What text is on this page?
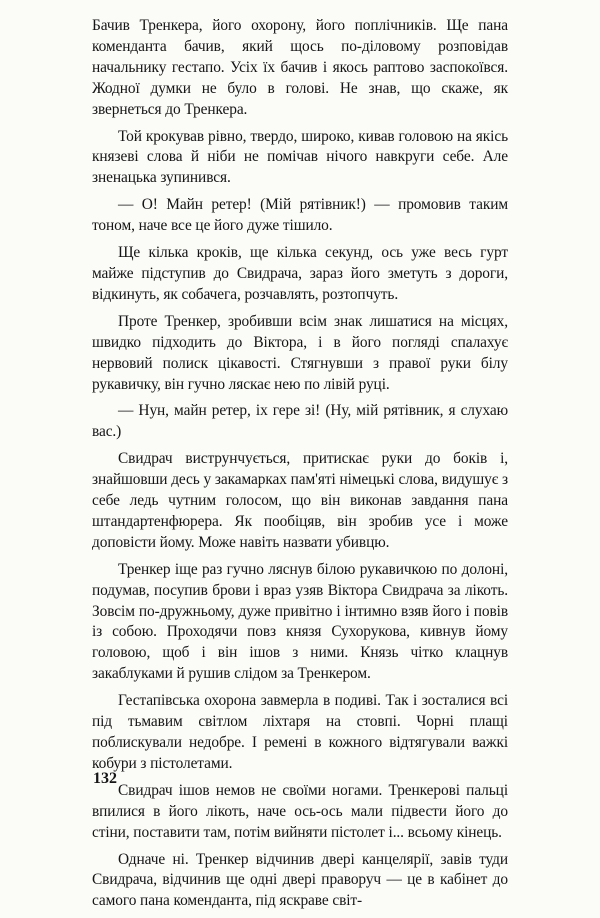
Бачив Тренкера, його охорону, його поплічників. Ще пана коменданта бачив, який щось по-діловому розповідав начальнику гестапо. Усіх їх бачив і якось раптово заспокоївся. Жодної думки не було в голові. Не знав, що скаже, як звернеться до Тренкера.

Той крокував рівно, твердо, широко, кивав головою на якісь князеві слова й ніби не помічав нічого навкруги себе. Але зненацька зупинився.

— О! Майн ретер! (Мій рятівник!) — промовив таким тоном, наче все це його дуже тішило.

Ще кілька кроків, ще кілька секунд, ось уже весь гурт майже підступив до Свидрача, зараз його зметуть з дороги, відкинуть, як собачега, розчавлять, розтопчуть.

Проте Тренкер, зробивши всім знак лишатися на місцях, швидко підходить до Віктора, і в його погляді спалахує нервовий полиск цікавості. Стягнувши з правої руки білу рукавичку, він гучно ляскає нею по лівій руці.

— Нун, майн ретер, іх гере зі! (Ну, мій рятівник, я слухаю вас.)

Свидрач виструнчується, притискає руки до боків і, знайшовши десь у закамарках пам'яті німецькі слова, видушує з себе ледь чутним голосом, що він виконав завдання пана штандартенфюрера. Як пообіцяв, він зробив усе і може доповісти йому. Може навіть назвати убивцю.

Тренкер іще раз гучно ляснув білою рукавичкою по долоні, подумав, посупив брови і враз узяв Віктора Свидрача за лікоть. Зовсім по-дружньому, дуже привітно і інтимно взяв його і повів із собою. Проходячи повз князя Сухорукова, кивнув йому головою, щоб і він ішов з ними. Князь чітко клацнув закаблуками й рушив слідом за Тренкером.

Гестапівська охорона завмерла в подиві. Так і зосталися всі під тьмавим світлом ліхтаря на стовпі. Чорні плащі поблискували недобре. І ремені в кожного відтягували важкі кобури з пістолетами.

Свидрач ішов немов не своїми ногами. Тренкерові пальці впилися в його лікоть, наче ось-ось мали підвести його до стіни, поставити там, потім вийняти пістолет і... всьому кінець.

Одначе ні. Тренкер відчинив двері канцелярії, завів туди Свидрача, відчинив ще одні двері праворуч — це в кабінет до самого пана коменданта, під яскраве світ-

132
